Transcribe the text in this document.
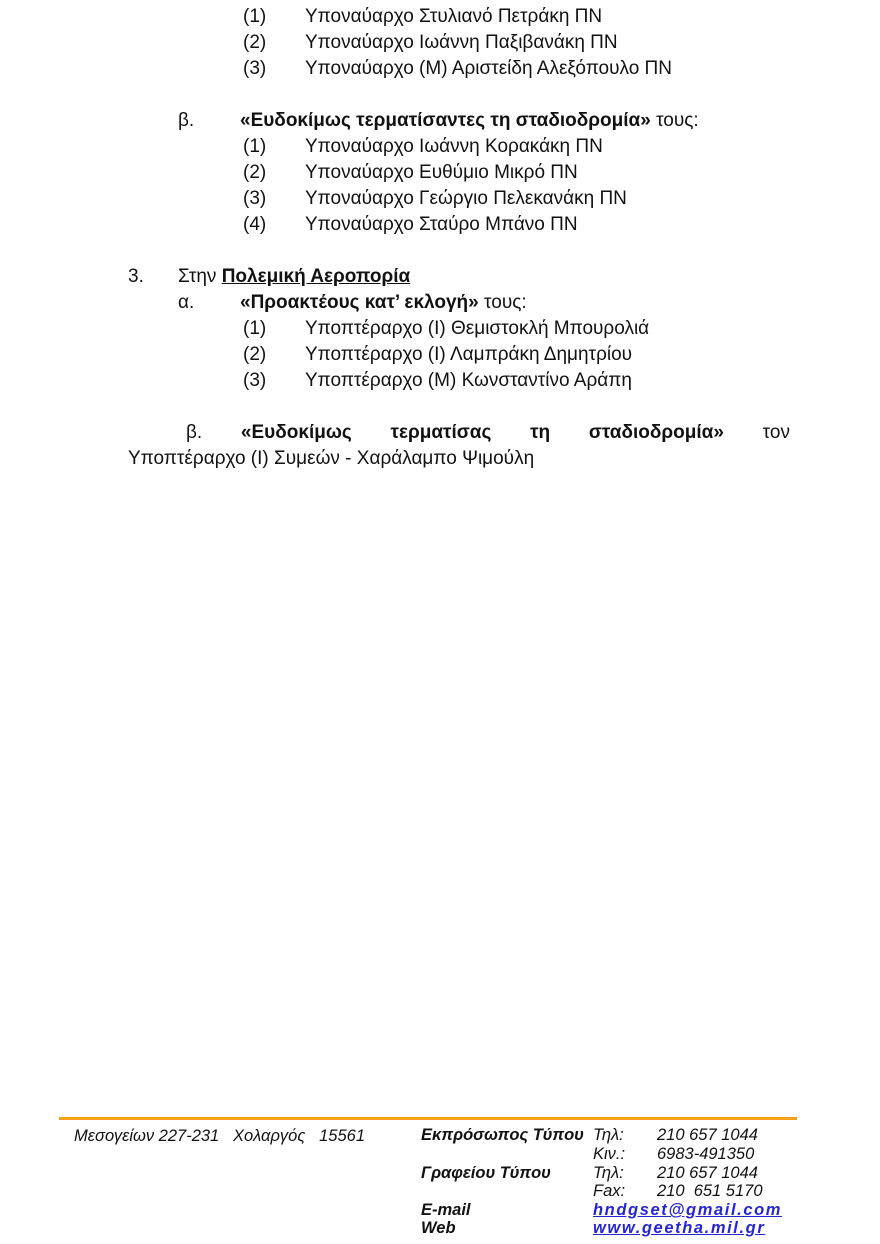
(1)	Υποναύαρχο Στυλιανό Πετράκη ΠΝ
(2)	Υποναύαρχο Ιωάννη Παξιβανάκη ΠΝ
(3)	Υποναύαρχο (Μ) Αριστείδη Αλεξόπουλο ΠΝ
β.	«Ευδοκίμως τερματίσαντες τη σταδιοδρομία» τους:
(1)	Υποναύαρχο Ιωάννη Κορακάκη ΠΝ
(2)	Υποναύαρχο Ευθύμιο Μικρό ΠΝ
(3)	Υποναύαρχο Γεώργιο Πελεκανάκη ΠΝ
(4)	Υποναύαρχο Σταύρο Μπάνο ΠΝ
3.	Στην Πολεμική Αεροπορία
α.	«Προακτέους κατ’ εκλογή» τους:
(1)	Υποπτέραρχο (Ι) Θεμιστοκλή Μπουρολιά
(2)	Υποπτέραρχο (Ι) Λαμπράκη Δημητρίου
(3)	Υποπτέραρχο (Μ) Κωνσταντίνο Αράπη
β. «Ευδοκίμως τερματίσας τη σταδιοδρομία» τον
Υποπτέραρχο (Ι) Συμεών - Χαράλαμπο Ψιμούλη
Μεσογείων 227-231   Χολαργός   15561	Εκπρόσωπος Τύπου Τηλ: 210 657 1044
Κιν.: 6983-491350
Γραφείου Τύπου	Τηλ: 210 657 1044
Fax: 210  651 5170
E-mail	hndgset@gmail.com
Web	www.geetha.mil.gr
